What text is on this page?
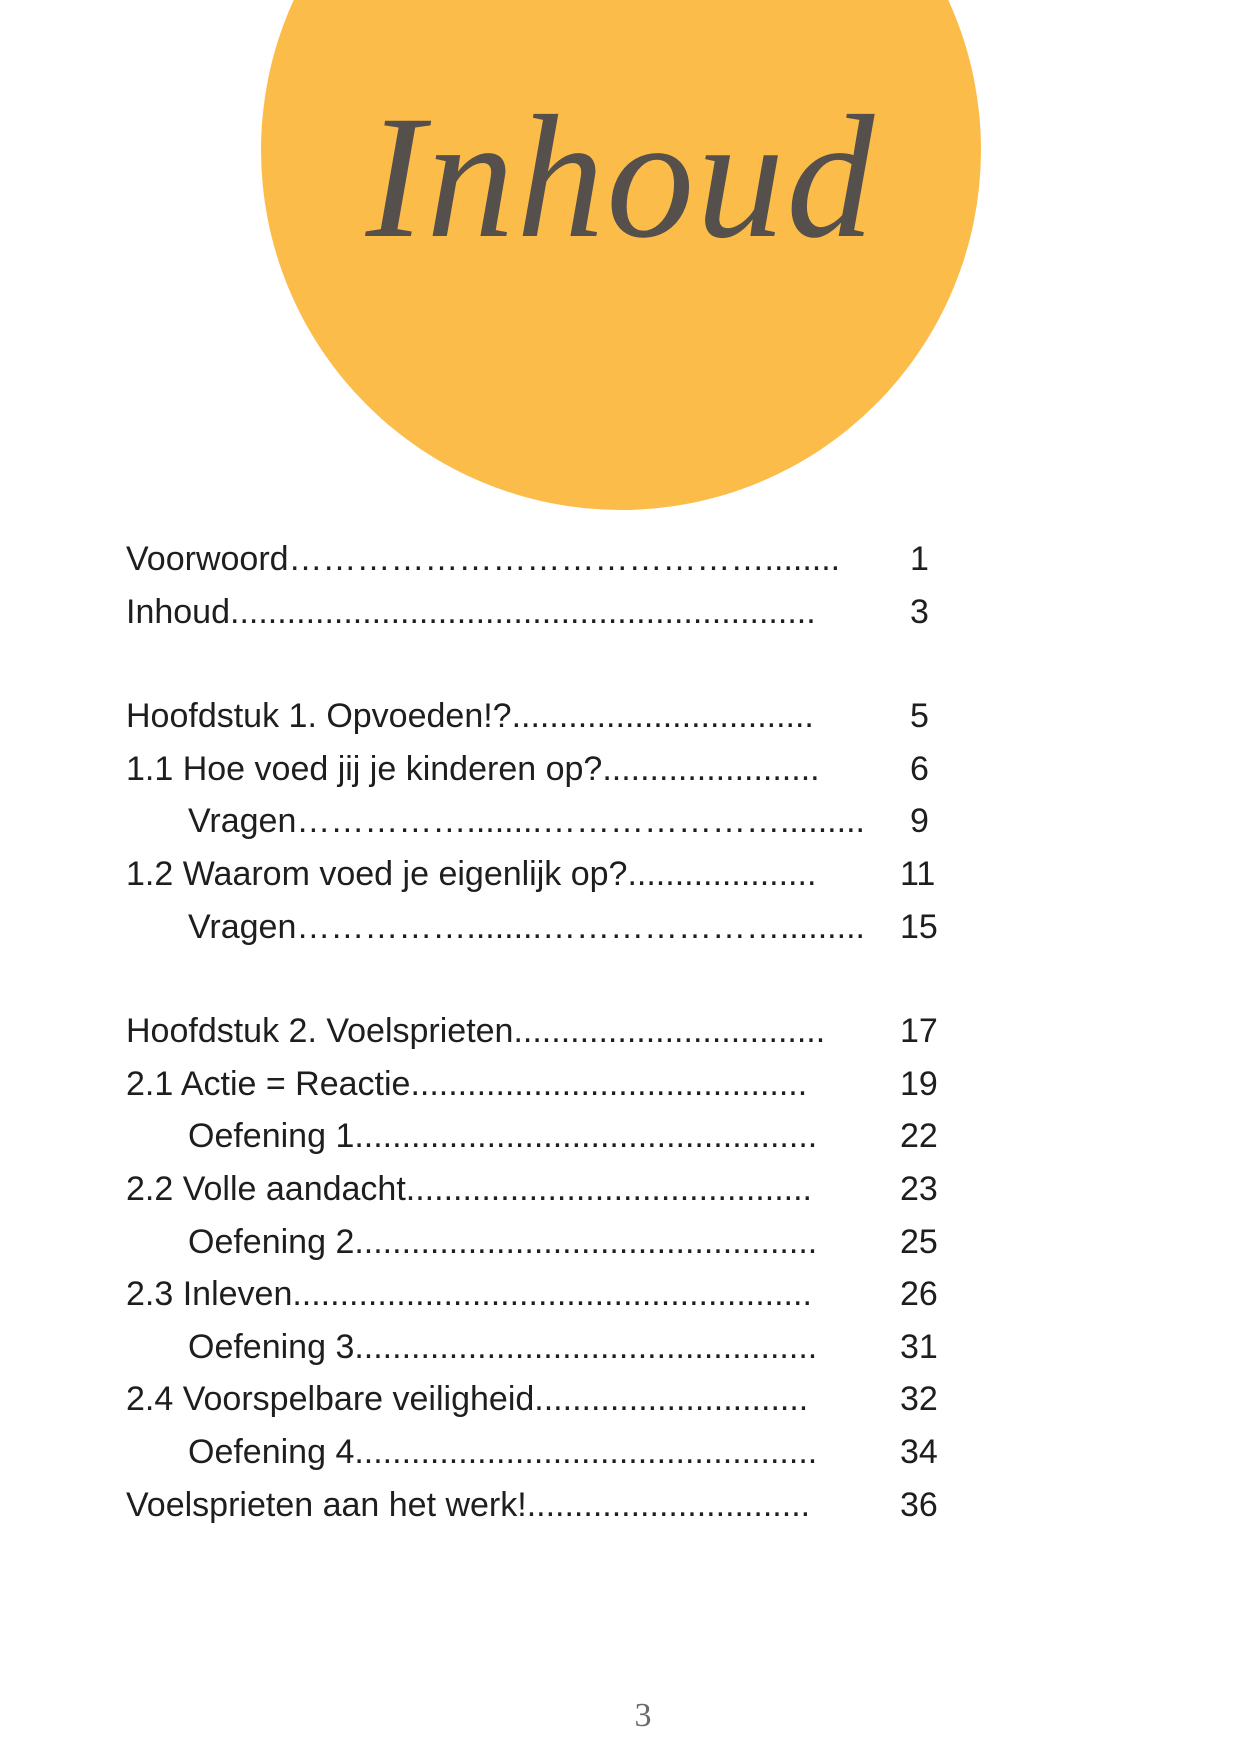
Inhoud
Voorwoord……………………………………........ 1
Inhoud..............................................................	3
Hoofdstuk 1. Opvoeden!?................................	5
1.1 Hoe voed jij je kinderen op?.......................	6
Vragen……………........…………………......... 9
1.2 Waarom voed je eigenlijk op?.................... 11
Vragen……………........…………………......... 15
Hoofdstuk 2. Voelsprieten................................. 17
2.1 Actie = Reactie..........................................	19
Oefening 1................................................. 22
2.2 Volle aandacht...........................................	23
Oefening 2................................................. 25
2.3 Inleven.......................................................	26
Oefening 3................................................. 31
2.4 Voorspelbare veiligheid.............................	32
Oefening 4................................................. 34
Voelsprieten aan het werk!..............................	36
3
